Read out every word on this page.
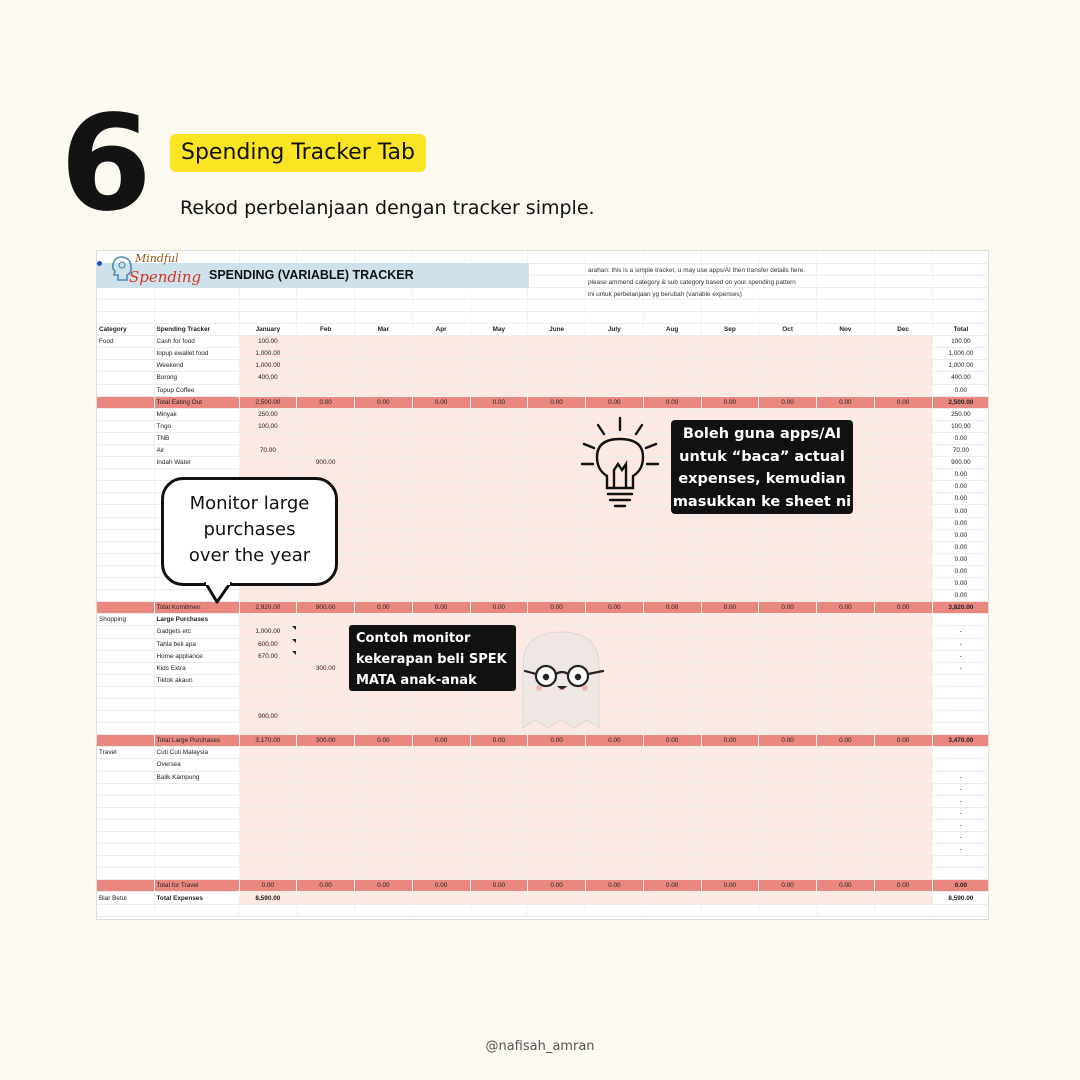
6	Spending Tracker Tab
Rekod perbelanjaan dengan tracker simple.

Category	Spending Tracker	January	Feb	Mar	Apr	May	June	July	Aug	Sep	Oct	Nov	Dec	Total
Food	Cash for food	100.00												100.00
	topup ewallet food	1,000.00												1,000.00
	Weekend	1,000.00												1,000.00
	Borong	400.00												400.00
	Topup Coffee													0.00
	Total Eating Out	2,500.00	0.00	0.00	0.00	0.00	0.00	0.00	0.00	0.00	0.00	0.00	0.00	2,500.00
	Minyak	250.00												250.00
	Tngo	100.00												100.00
	TNB													0.00
	Air	70.00												70.00
	Indah Water		900.00											900.00
														0.00
														0.00
														0.00
														0.00
														0.00
														0.00
														0.00
														0.00
														0.00
														0.00
														0.00
	Total Komitmen	2,920.00	900.00	0.00	0.00	0.00	0.00	0.00	0.00	0.00	0.00	0.00	0.00	3,820.00
Shopping	Large Purchases													
	Gadgets etc	1,000.00												-
	Tahla beli apa	600.00												-
	Home appliance	670.00												-
	Kids Extra		300.00											-
	Tiktok akaun													

		900.00												

	Total Large Purchases	3,170.00	300.00	0.00	0.00	0.00	0.00	0.00	0.00	0.00	0.00	0.00	0.00	3,470.00
Travel	Cuti Cuti Malaysia													
	Oversea													
	Balik Kampung													-
														-
														-
														-
														-
														-
														-

	Total for Travel	0.00	0.00	0.00	0.00	0.00	0.00	0.00	0.00	0.00	0.00	0.00	0.00	0.00
Biar Betul	Total Expenses	8,590.00												8,590.00

Mindful
Spending SPENDING (VARIABLE) TRACKER	arahan: this is a simple tracker, u may use apps/AI then transfer details here.
please ammend category & sub category based on your spending pattern
ini untuk perbelanjaan yg berubah (variable expenses)
Monitor large
purchases
over the year
Boleh guna apps/AI
untuk “baca” actual
expenses, kemudian
masukkan ke sheet ni
Contoh monitor
kekerapan beli SPEK
MATA anak-anak
@nafisah_amran
